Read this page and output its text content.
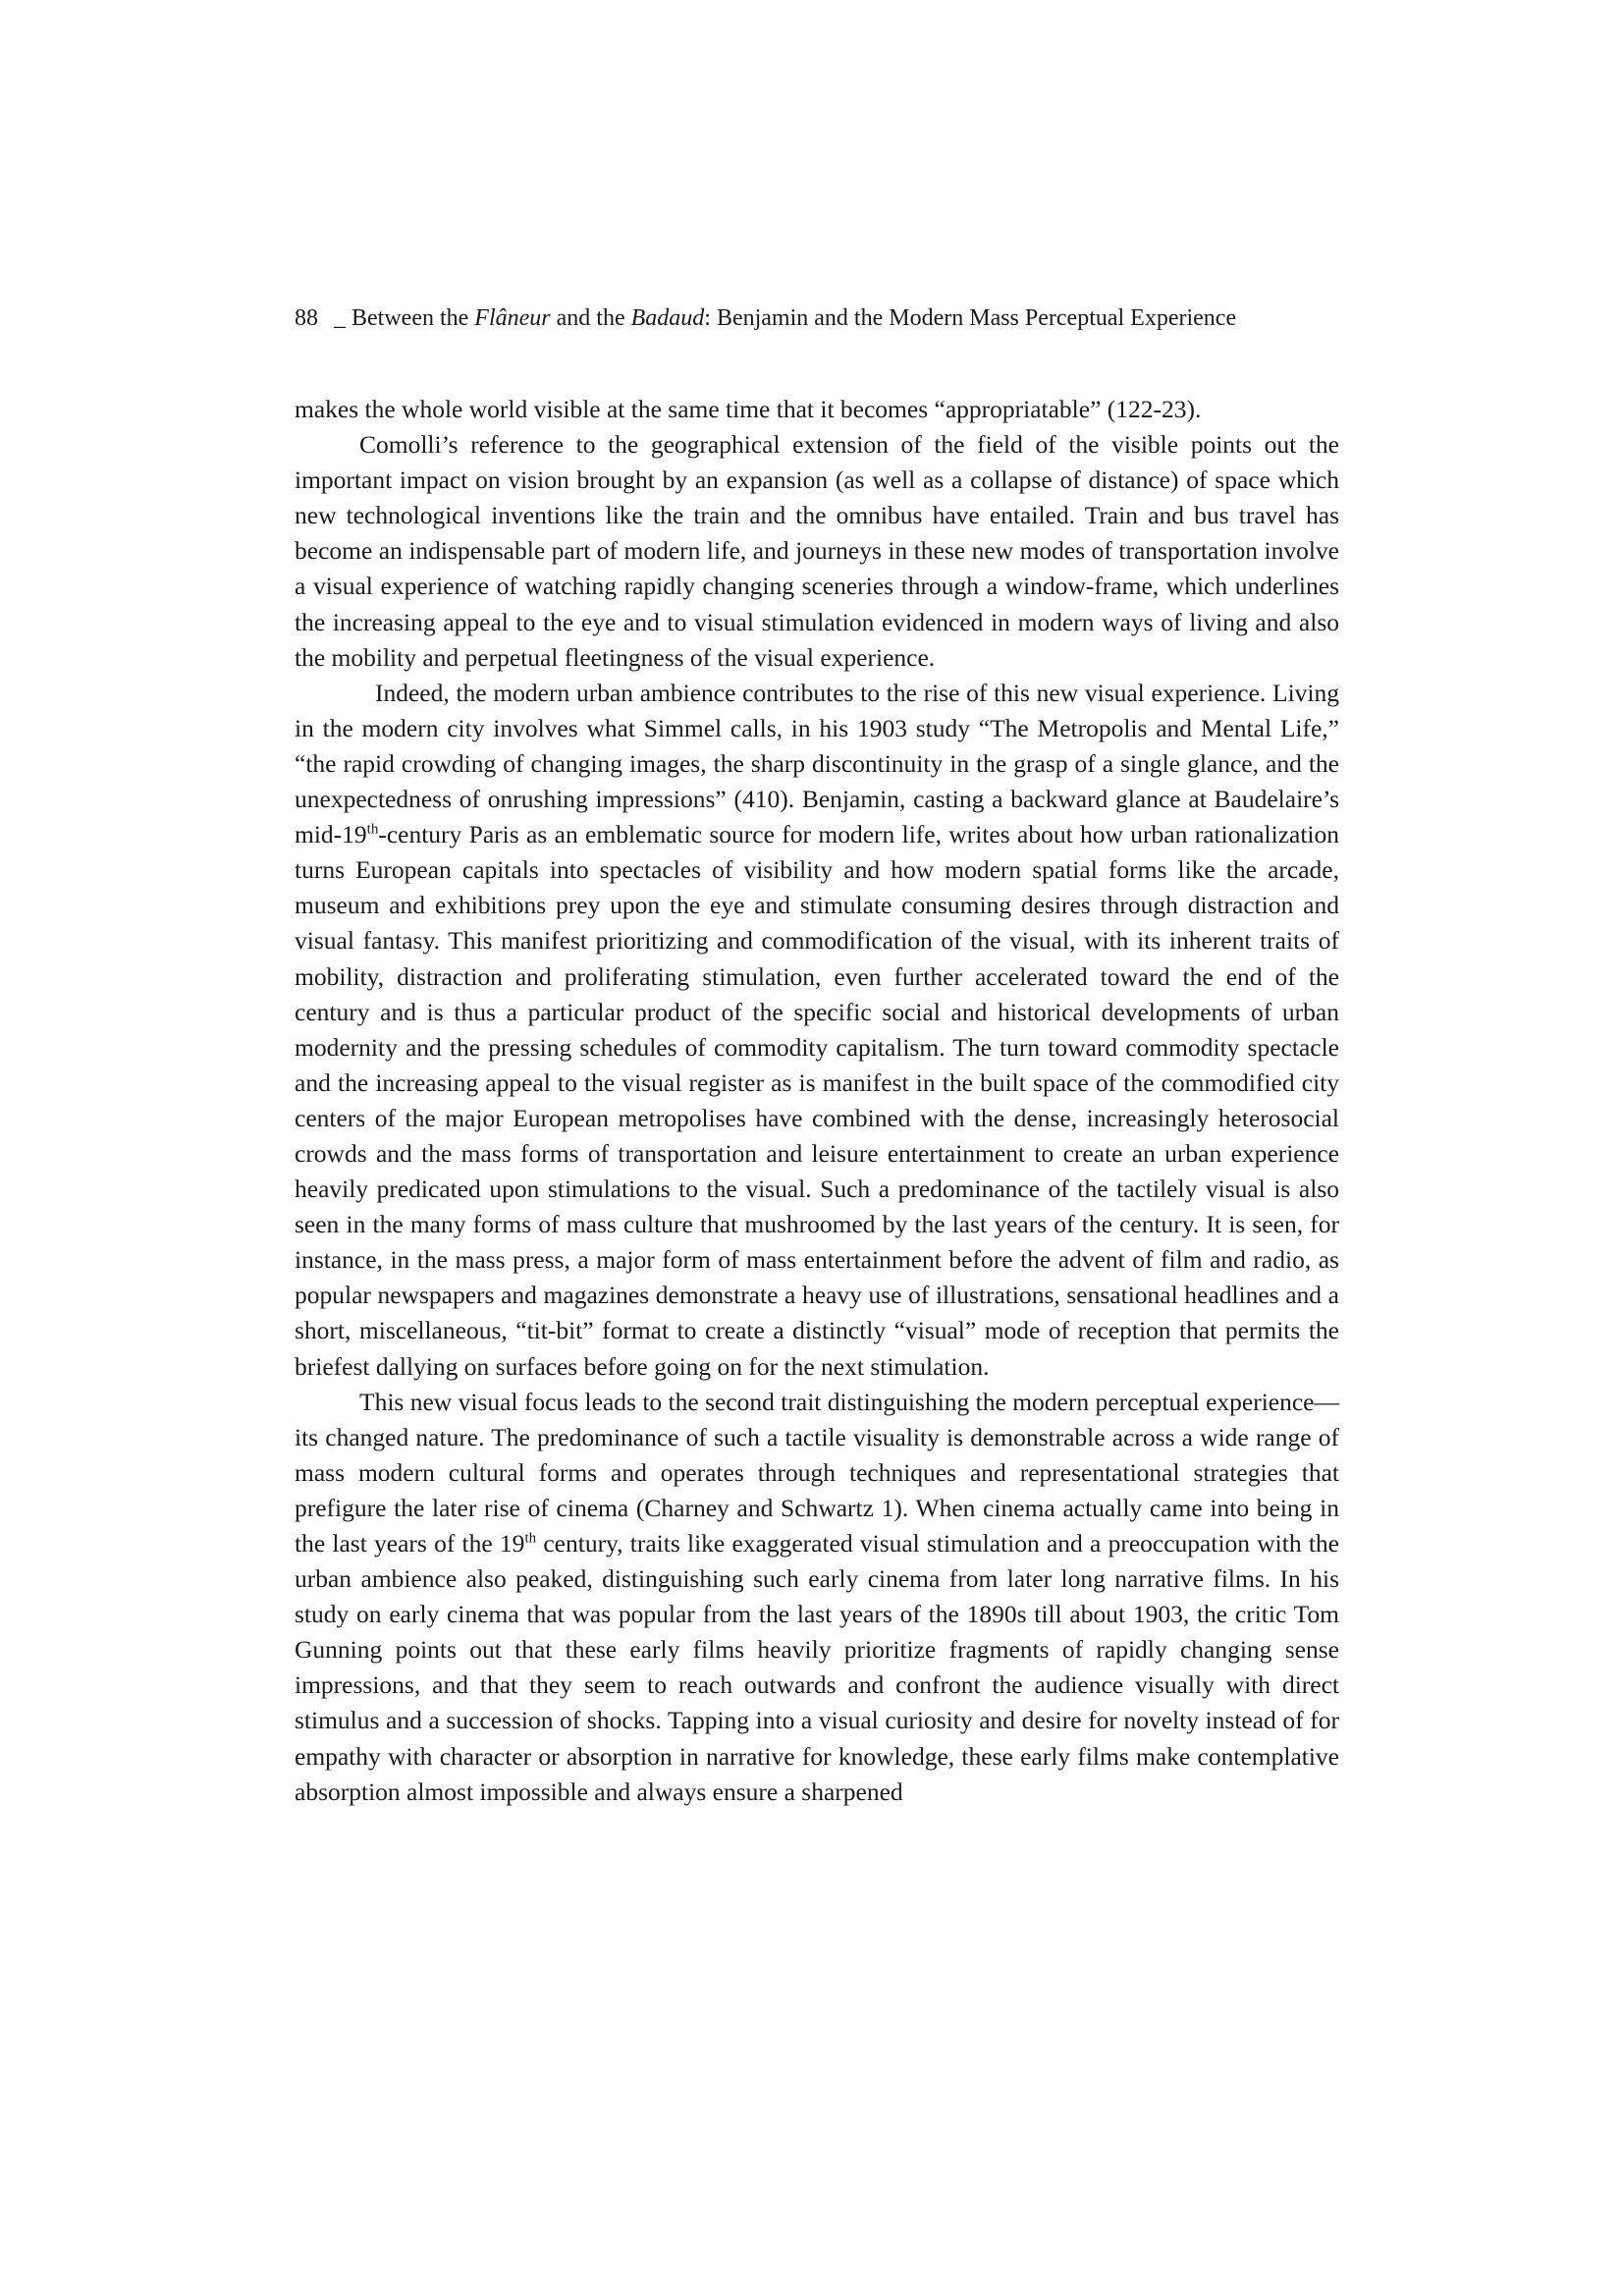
88 _ Between the Flâneur and the Badaud: Benjamin and the Modern Mass Perceptual Experience

makes the whole world visible at the same time that it becomes “appropriatable” (122-23).

Comolli’s reference to the geographical extension of the field of the visible points out the important impact on vision brought by an expansion (as well as a collapse of distance) of space which new technological inventions like the train and the omnibus have entailed. Train and bus travel has become an indispensable part of modern life, and journeys in these new modes of transportation involve a visual experience of watching rapidly changing sceneries through a window-frame, which underlines the increasing appeal to the eye and to visual stimulation evidenced in modern ways of living and also the mobility and perpetual fleetingness of the visual experience.

Indeed, the modern urban ambience contributes to the rise of this new visual experience. Living in the modern city involves what Simmel calls, in his 1903 study “The Metropolis and Mental Life,” “the rapid crowding of changing images, the sharp discontinuity in the grasp of a single glance, and the unexpectedness of onrushing impressions” (410). Benjamin, casting a backward glance at Baudelaire’s mid-19th-century Paris as an emblematic source for modern life, writes about how urban rationalization turns European capitals into spectacles of visibility and how modern spatial forms like the arcade, museum and exhibitions prey upon the eye and stimulate consuming desires through distraction and visual fantasy. This manifest prioritizing and commodification of the visual, with its inherent traits of mobility, distraction and proliferating stimulation, even further accelerated toward the end of the century and is thus a particular product of the specific social and historical developments of urban modernity and the pressing schedules of commodity capitalism. The turn toward commodity spectacle and the increasing appeal to the visual register as is manifest in the built space of the commodified city centers of the major European metropolises have combined with the dense, increasingly heterosocial crowds and the mass forms of transportation and leisure entertainment to create an urban experience heavily predicated upon stimulations to the visual. Such a predominance of the tactilely visual is also seen in the many forms of mass culture that mushroomed by the last years of the century. It is seen, for instance, in the mass press, a major form of mass entertainment before the advent of film and radio, as popular newspapers and magazines demonstrate a heavy use of illustrations, sensational headlines and a short, miscellaneous, “tit-bit” format to create a distinctly “visual” mode of reception that permits the briefest dallying on surfaces before going on for the next stimulation.

This new visual focus leads to the second trait distinguishing the modern perceptual experience—its changed nature. The predominance of such a tactile visuality is demonstrable across a wide range of mass modern cultural forms and operates through techniques and representational strategies that prefigure the later rise of cinema (Charney and Schwartz 1). When cinema actually came into being in the last years of the 19th century, traits like exaggerated visual stimulation and a preoccupation with the urban ambience also peaked, distinguishing such early cinema from later long narrative films. In his study on early cinema that was popular from the last years of the 1890s till about 1903, the critic Tom Gunning points out that these early films heavily prioritize fragments of rapidly changing sense impressions, and that they seem to reach outwards and confront the audience visually with direct stimulus and a succession of shocks. Tapping into a visual curiosity and desire for novelty instead of for empathy with character or absorption in narrative for knowledge, these early films make contemplative absorption almost impossible and always ensure a sharpened
